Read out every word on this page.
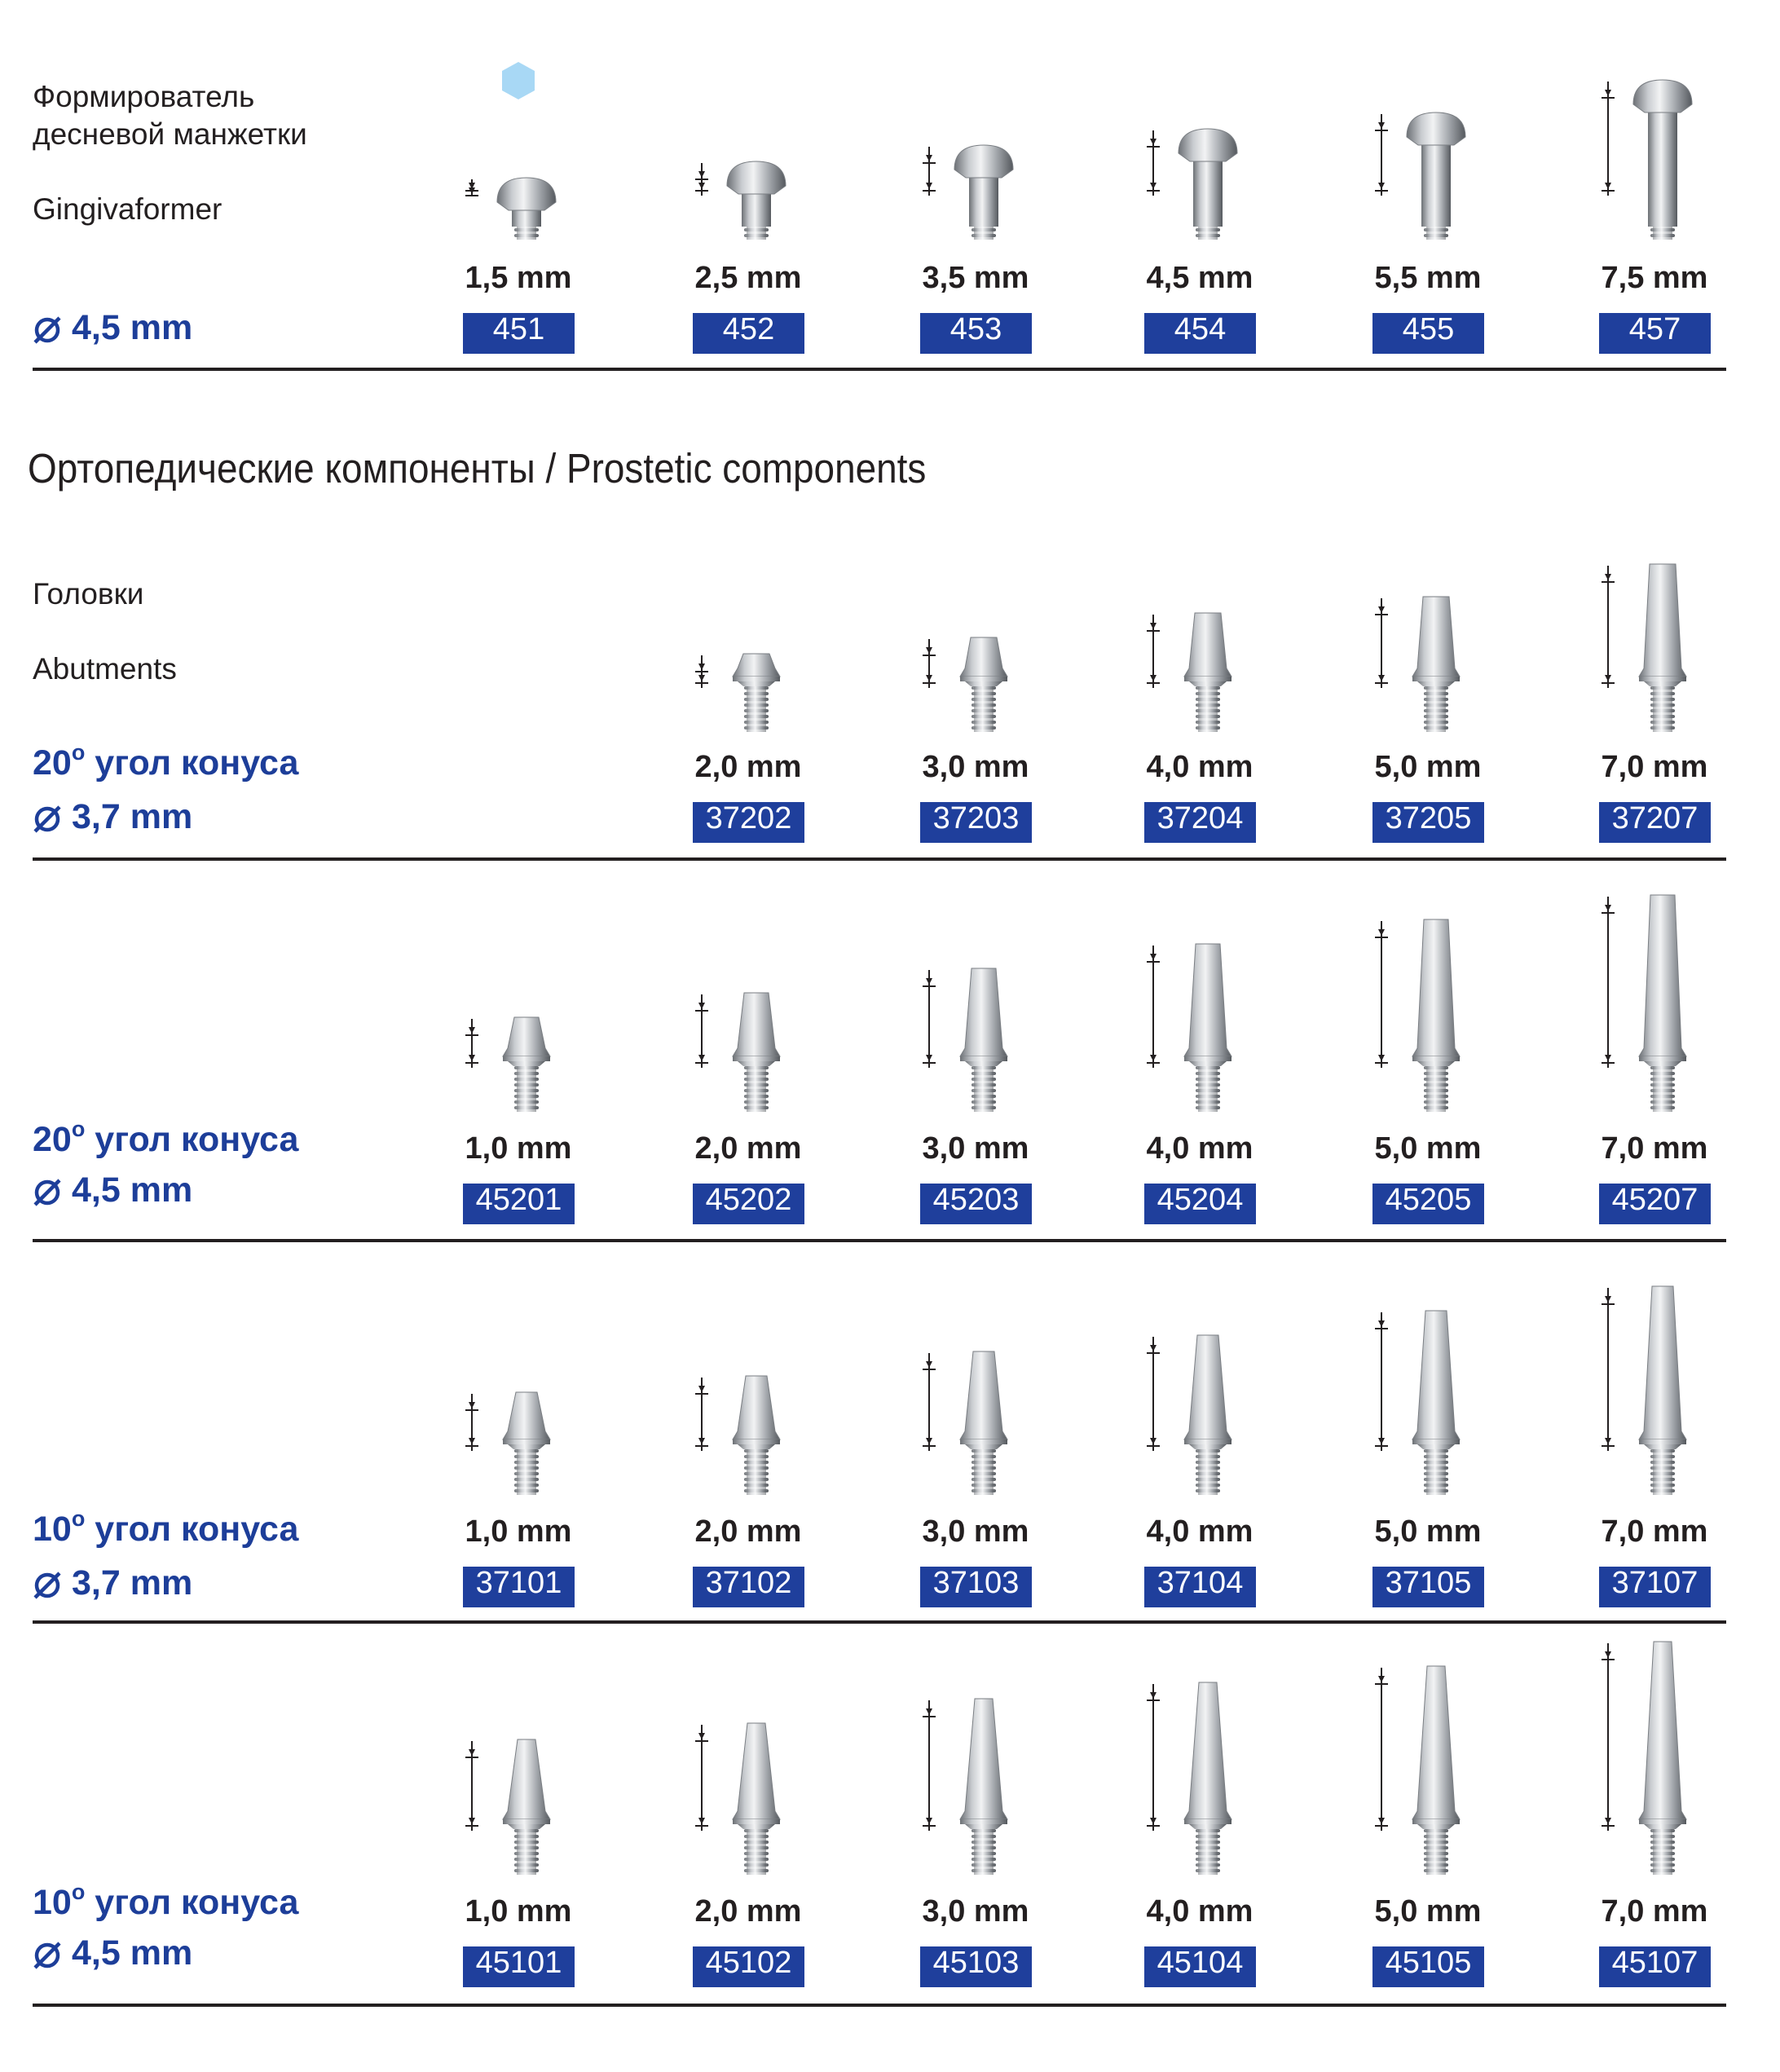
Формирователь
десневой манжетки
Gingivaformer
4,5 mm
Ортопедические компоненты / Prostetic components
Головки
Abutments
20$^o$ угол конуса
3,7 mm
20$^o$ угол конуса
4,5 mm
10$^o$ угол конуса
3,7 mm
10$^o$ угол конуса
4,5 mm
1,5 mm
451
2,5 mm
452
3,5 mm
453
4,5 mm
454
5,5 mm
455
7,5 mm
457
2,0 mm
37202
3,0 mm
37203
4,0 mm
37204
5,0 mm
37205
7,0 mm
37207
1,0 mm
45201
2,0 mm
45202
3,0 mm
45203
4,0 mm
45204
5,0 mm
45205
7,0 mm
45207
1,0 mm
37101
2,0 mm
37102
3,0 mm
37103
4,0 mm
37104
5,0 mm
37105
7,0 mm
37107
1,0 mm
45101
2,0 mm
45102
3,0 mm
45103
4,0 mm
45104
5,0 mm
45105
7,0 mm
45107
